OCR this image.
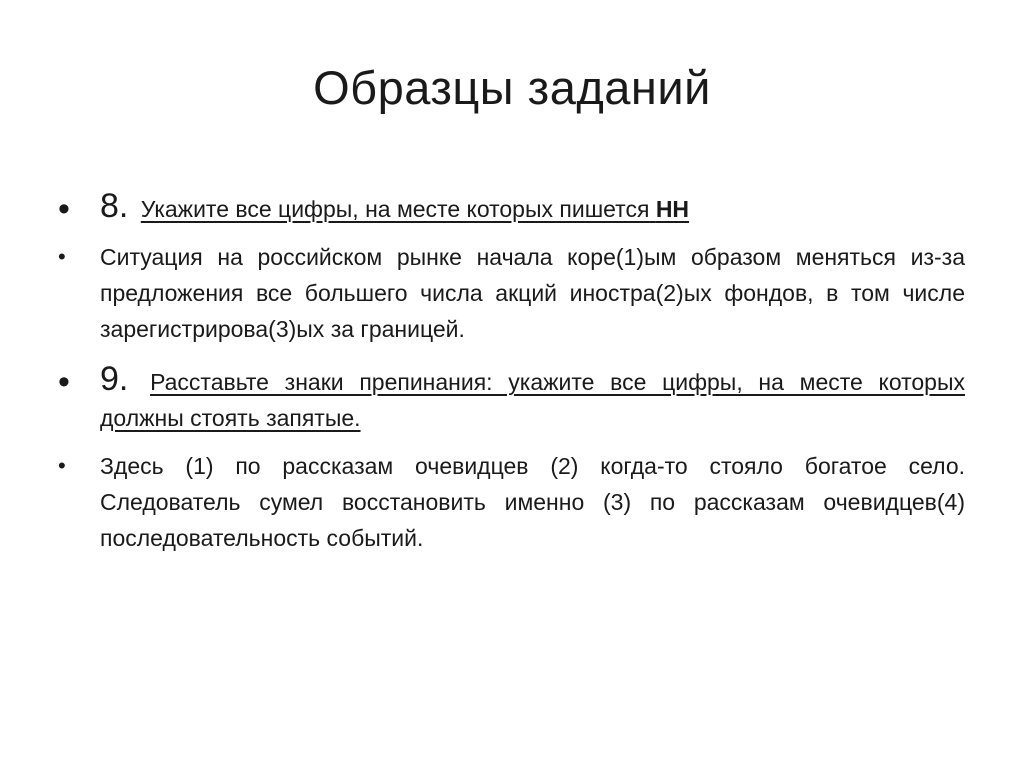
Образцы заданий
• 8. Укажите все цифры, на месте которых пишется НН
• Ситуация на российском рынке начала коре(1)ым образом меняться из-за предложения все большего числа акций иностра(2)ых фондов, в том числе зарегистрирова(3)ых за границей.
• 9. Расставьте знаки препинания: укажите все цифры, на месте которых должны стоять запятые.
• Здесь (1) по рассказам очевидцев (2) когда-то стояло богатое село. Следователь сумел восстановить именно (3) по рассказам очевидцев(4) последовательность событий.
